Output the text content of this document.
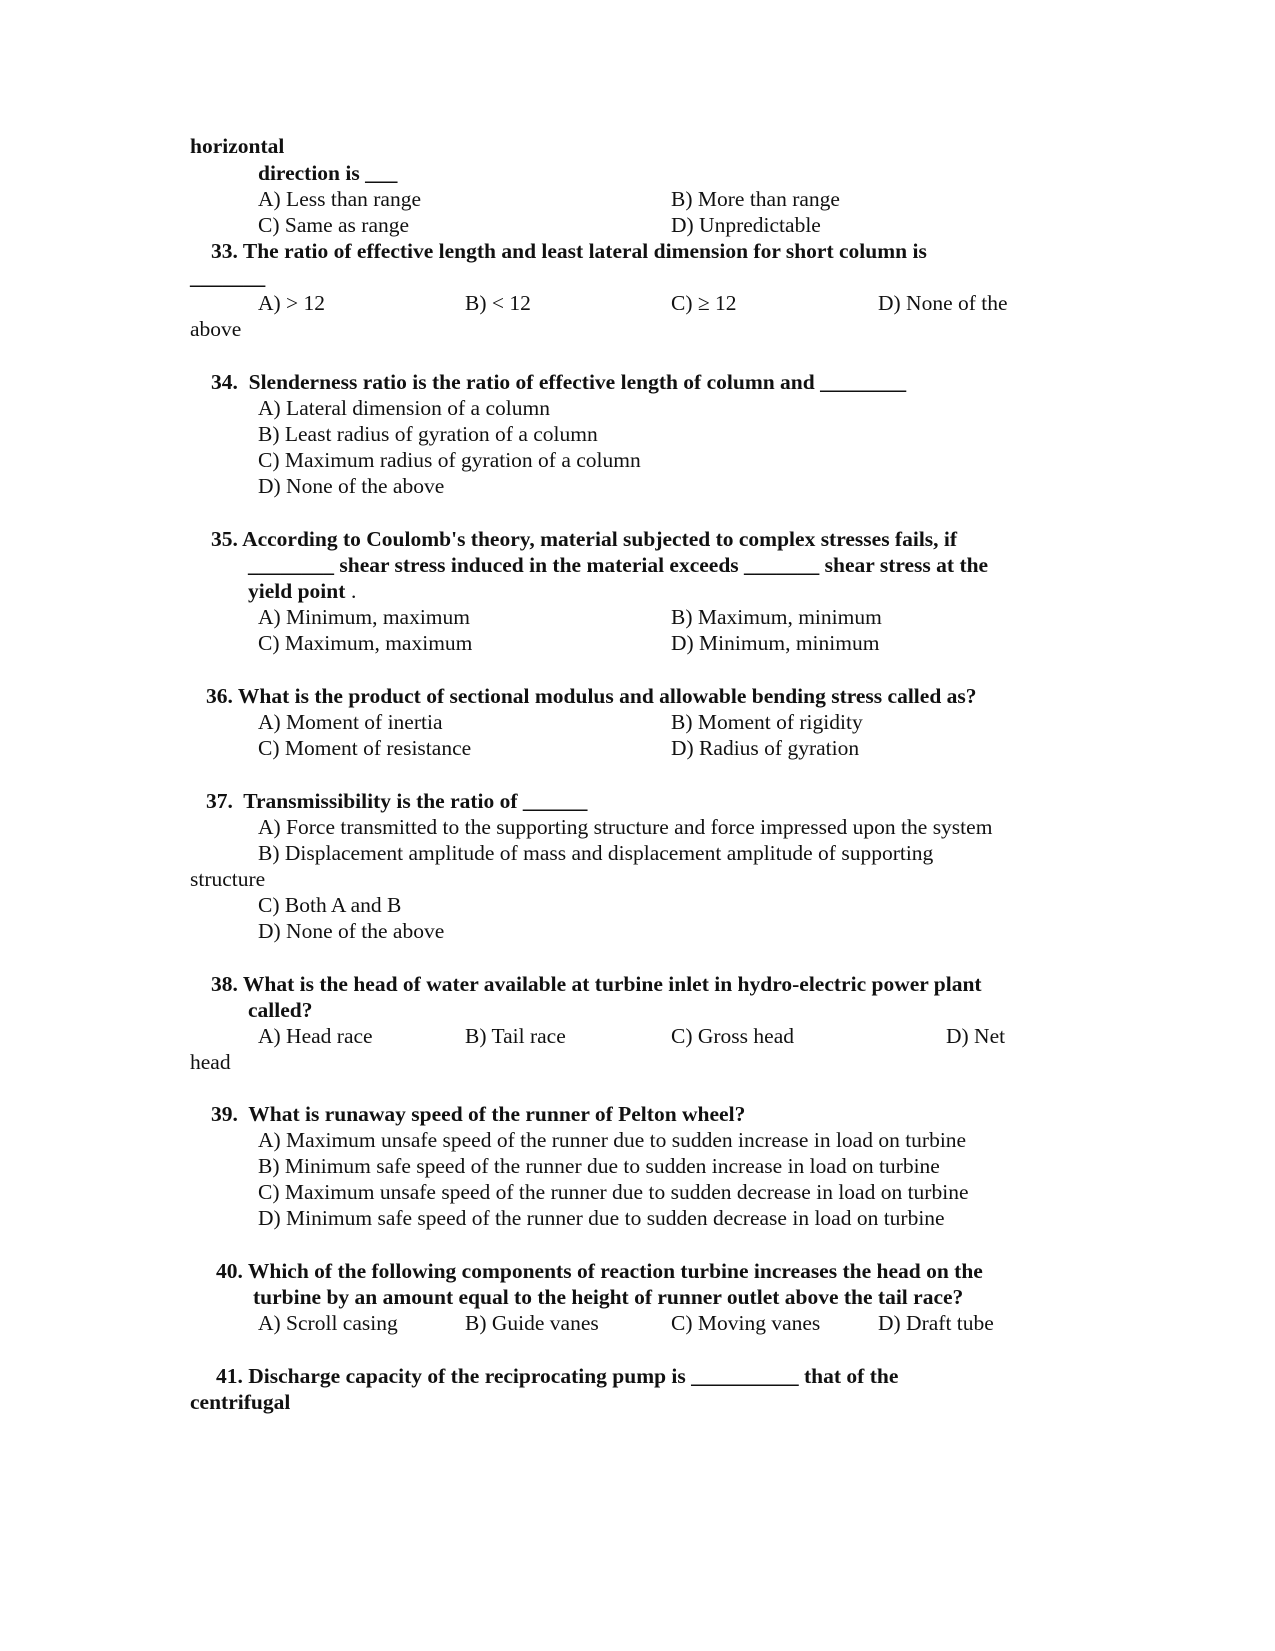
horizontal
direction is ___
A) Less than range	B) More than range
C) Same as range	D) Unpredictable
33. The ratio of effective length and least lateral dimension for short column is
_______
A) > 12	B) < 12	C) ≥ 12	D) None of the
above
34.  Slenderness ratio is the ratio of effective length of column and ________
A) Lateral dimension of a column
B) Least radius of gyration of a column
C) Maximum radius of gyration of a column
D) None of the above
35. According to Coulomb's theory, material subjected to complex stresses fails, if
________ shear stress induced in the material exceeds _______ shear stress at the
yield point .
A) Minimum, maximum	B) Maximum, minimum
C) Maximum, maximum	D) Minimum, minimum
36. What is the product of sectional modulus and allowable bending stress called as?
A) Moment of inertia	B) Moment of rigidity
C) Moment of resistance	D) Radius of gyration
37.  Transmissibility is the ratio of ______
A) Force transmitted to the supporting structure and force impressed upon the system
B) Displacement amplitude of mass and displacement amplitude of supporting
structure
C) Both A and B
D) None of the above
38. What is the head of water available at turbine inlet in hydro-electric power plant
called?
A) Head race	B) Tail race	C) Gross head	D) Net
head
39.  What is runaway speed of the runner of Pelton wheel?
A) Maximum unsafe speed of the runner due to sudden increase in load on turbine
B) Minimum safe speed of the runner due to sudden increase in load on turbine
C) Maximum unsafe speed of the runner due to sudden decrease in load on turbine
D) Minimum safe speed of the runner due to sudden decrease in load on turbine
40. Which of the following components of reaction turbine increases the head on the
turbine by an amount equal to the height of runner outlet above the tail race?
A) Scroll casing	B) Guide vanes	C) Moving vanes	D) Draft tube
41. Discharge capacity of the reciprocating pump is __________ that of the
centrifugal
